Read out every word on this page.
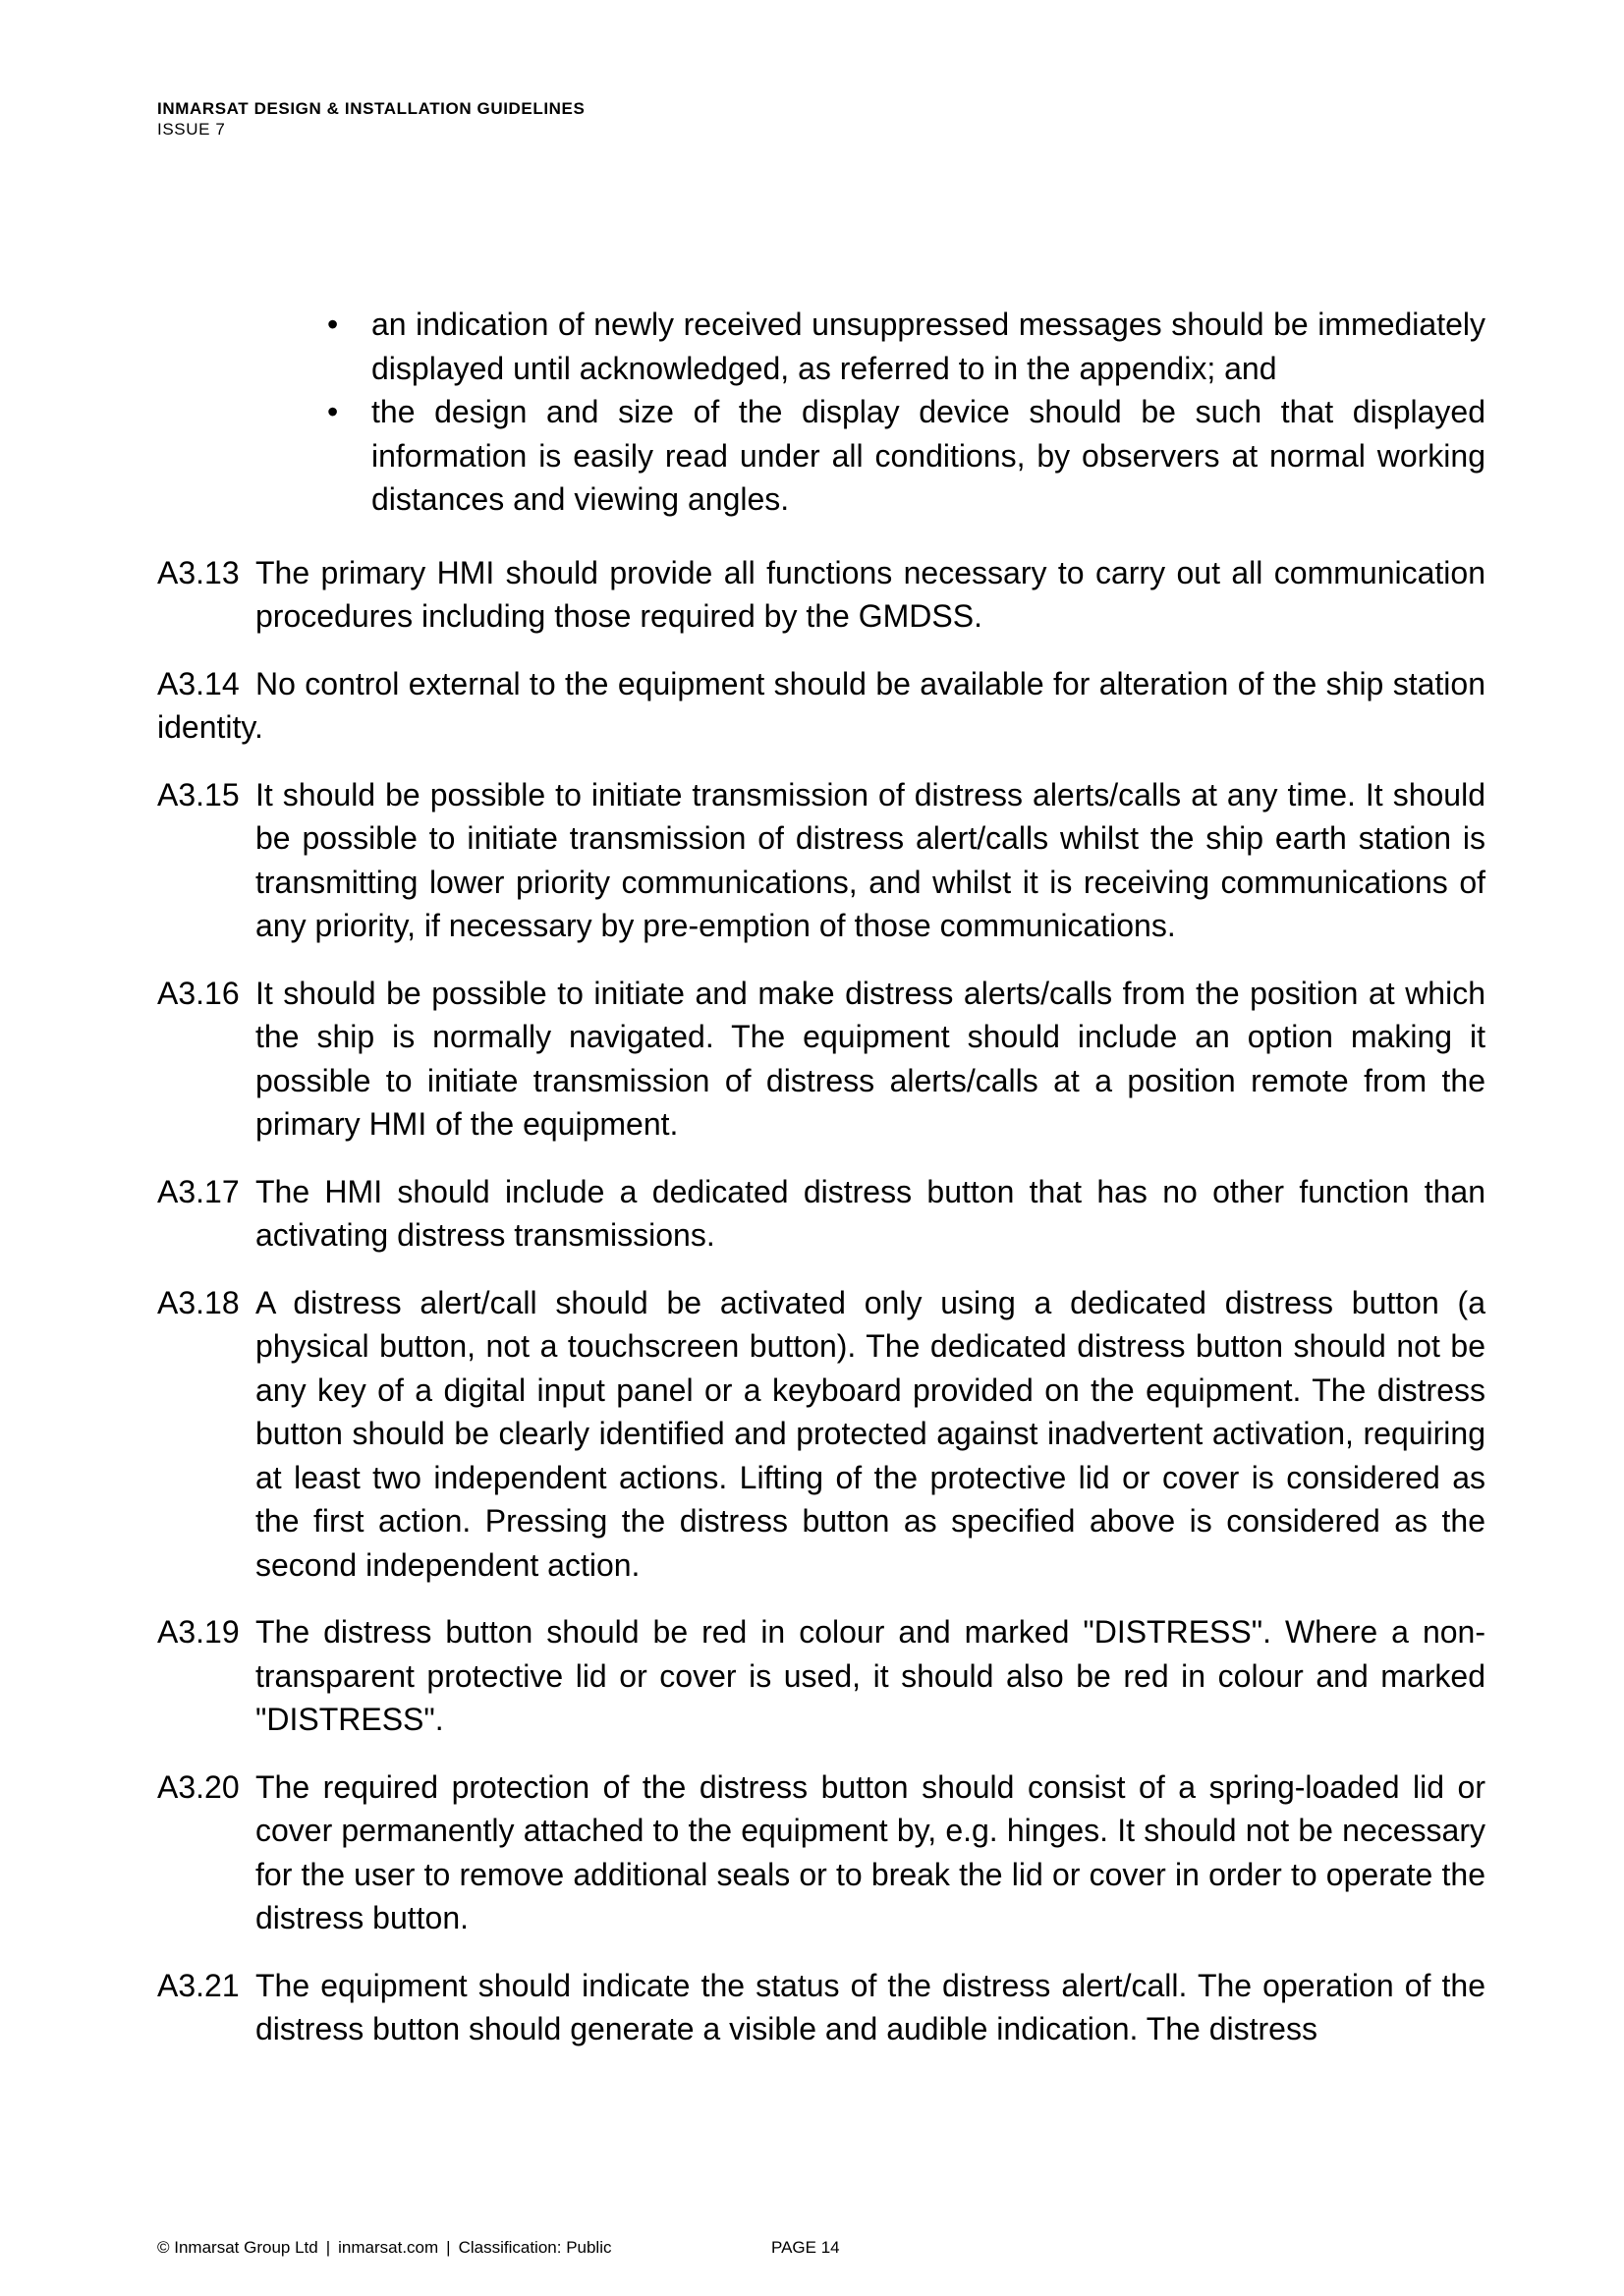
INMARSAT DESIGN & INSTALLATION GUIDELINES
ISSUE 7
• an indication of newly received unsuppressed messages should be immediately displayed until acknowledged, as referred to in the appendix; and
• the design and size of the display device should be such that displayed information is easily read under all conditions, by observers at normal working distances and viewing angles.

A3.13 The primary HMI should provide all functions necessary to carry out all communication procedures including those required by the GMDSS.

A3.14 No control external to the equipment should be available for alteration of the ship station identity.

A3.15 It should be possible to initiate transmission of distress alerts/calls at any time. It should be possible to initiate transmission of distress alert/calls whilst the ship earth station is transmitting lower priority communications, and whilst it is receiving communications of any priority, if necessary by pre-emption of those communications.

A3.16 It should be possible to initiate and make distress alerts/calls from the position at which the ship is normally navigated. The equipment should include an option making it possible to initiate transmission of distress alerts/calls at a position remote from the primary HMI of the equipment.

A3.17 The HMI should include a dedicated distress button that has no other function than activating distress transmissions.

A3.18 A distress alert/call should be activated only using a dedicated distress button (a physical button, not a touchscreen button). The dedicated distress button should not be any key of a digital input panel or a keyboard provided on the equipment. The distress button should be clearly identified and protected against inadvertent activation, requiring at least two independent actions. Lifting of the protective lid or cover is considered as the first action. Pressing the distress button as specified above is considered as the second independent action.

A3.19 The distress button should be red in colour and marked "DISTRESS". Where a non-transparent protective lid or cover is used, it should also be red in colour and marked "DISTRESS".

A3.20 The required protection of the distress button should consist of a spring-loaded lid or cover permanently attached to the equipment by, e.g. hinges. It should not be necessary for the user to remove additional seals or to break the lid or cover in order to operate the distress button.

A3.21 The equipment should indicate the status of the distress alert/call. The operation of the distress button should generate a visible and audible indication. The distress

© Inmarsat Group Ltd | inmarsat.com | Classification: Public	PAGE 14
